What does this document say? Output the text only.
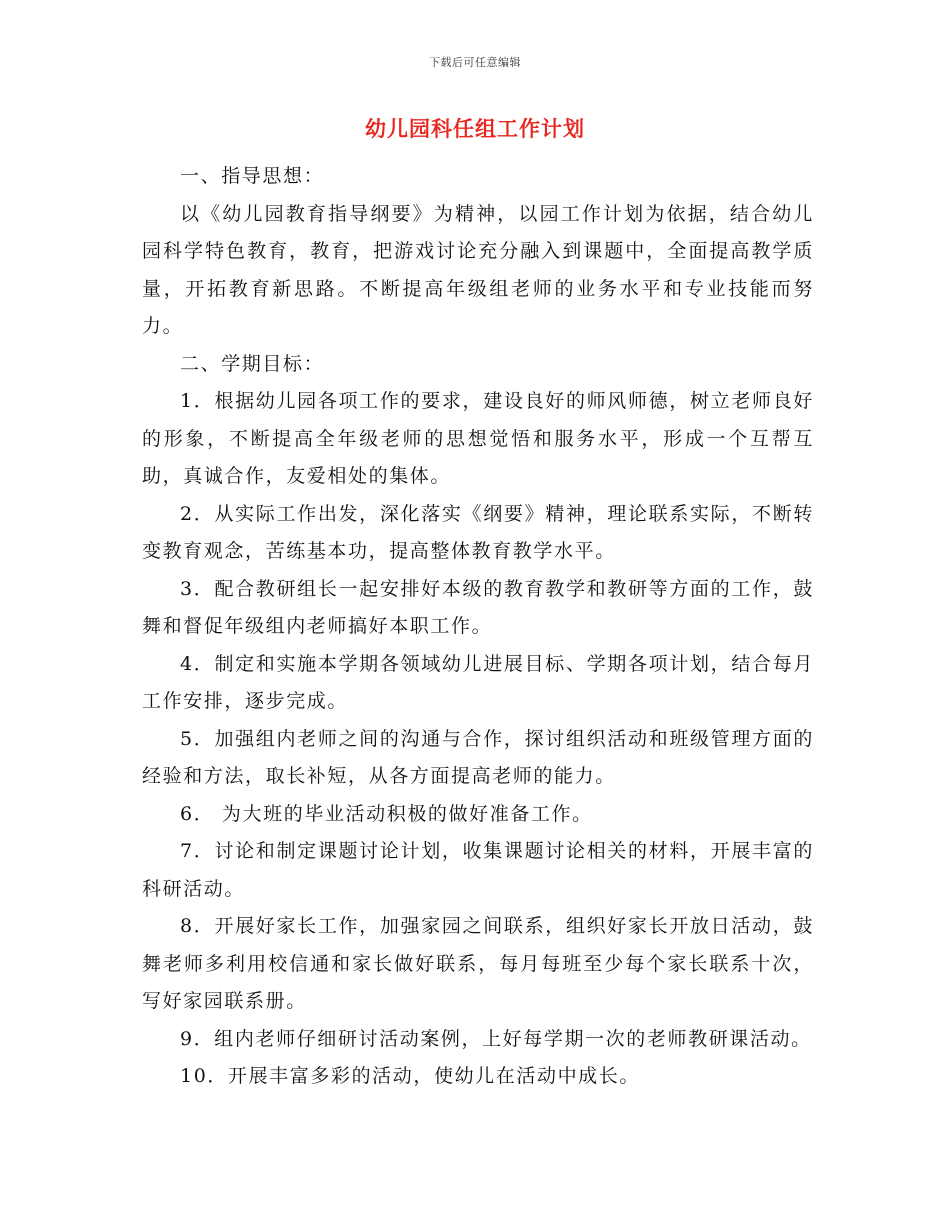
下载后可任意编辑
幼儿园科任组工作计划

一、指导思想：

以《幼儿园教育指导纲要》为精神，以园工作计划为依据，结合幼儿园科学特色教育，教育，把游戏讨论充分融入到课题中，全面提高教学质量，开拓教育新思路。不断提高年级组老师的业务水平和专业技能而努力。

二、学期目标：

1．根据幼儿园各项工作的要求，建设良好的师风师德，树立老师良好的形象，不断提高全年级老师的思想觉悟和服务水平，形成一个互帮互助，真诚合作，友爱相处的集体。

2．从实际工作出发，深化落实《纲要》精神，理论联系实际，不断转变教育观念，苦练基本功，提高整体教育教学水平。

3．配合教研组长一起安排好本级的教育教学和教研等方面的工作，鼓舞和督促年级组内老师搞好本职工作。

4．制定和实施本学期各领域幼儿进展目标、学期各项计划，结合每月工作安排，逐步完成。

5．加强组内老师之间的沟通与合作，探讨组织活动和班级管理方面的经验和方法，取长补短，从各方面提高老师的能力。

6． 为大班的毕业活动积极的做好准备工作。

7．讨论和制定课题讨论计划，收集课题讨论相关的材料，开展丰富的科研活动。

8．开展好家长工作，加强家园之间联系，组织好家长开放日活动，鼓舞老师多利用校信通和家长做好联系，每月每班至少每个家长联系十次，写好家园联系册。

9．组内老师仔细研讨活动案例，上好每学期一次的老师教研课活动。

10．开展丰富多彩的活动，使幼儿在活动中成长。
